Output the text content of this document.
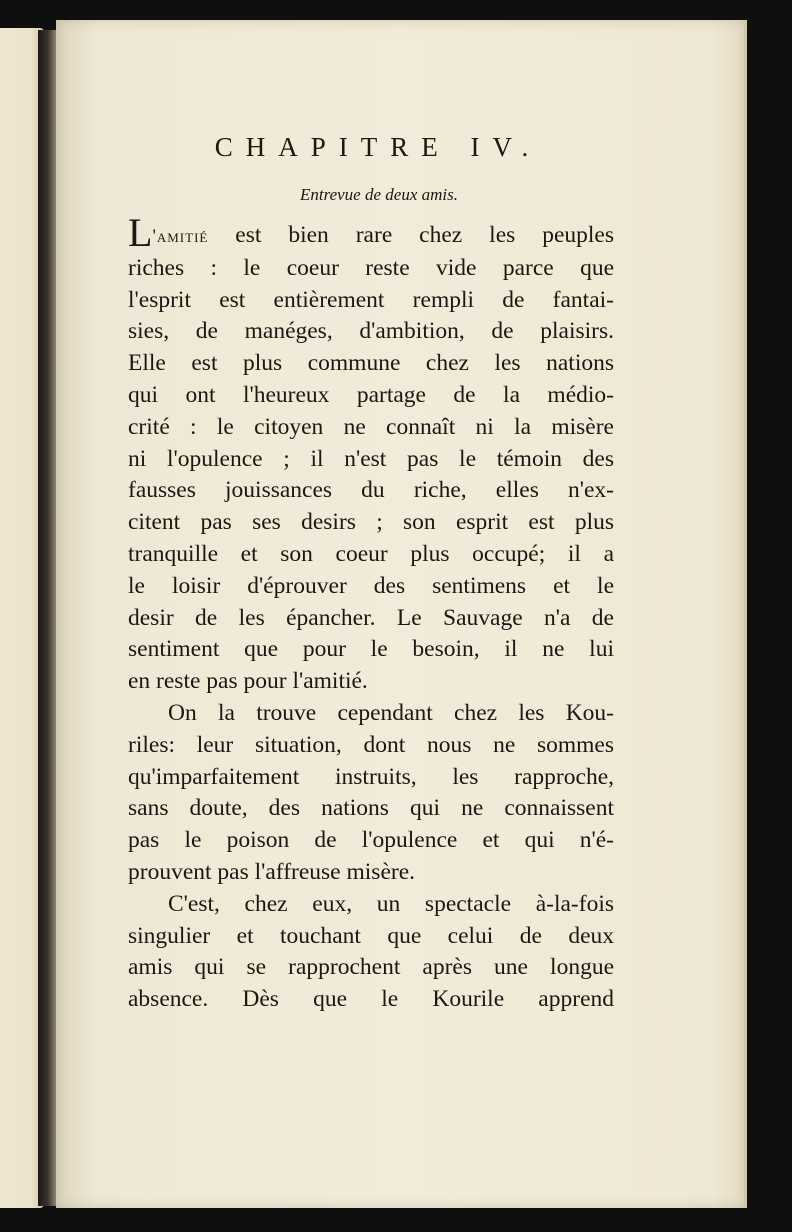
CHAPITRE IV.
Entrevue de deux amis.
L'amitié est bien rare chez les peuples
riches : le coeur reste vide parce que
l'esprit est entièrement rempli de fantai-
sies, de manéges, d'ambition, de plaisirs.
Elle est plus commune chez les nations
qui ont l'heureux partage de la médio-
crité : le citoyen ne connaît ni la misère
ni l'opulence ; il n'est pas le témoin des
fausses jouissances du riche, elles n'ex-
citent pas ses desirs ; son esprit est plus
tranquille et son coeur plus occupé; il a
le loisir d'éprouver des sentimens et le
desir de les épancher. Le Sauvage n'a de
sentiment que pour le besoin, il ne lui
en reste pas pour l'amitié.
On la trouve cependant chez les Kou-
riles: leur situation, dont nous ne sommes
qu'imparfaitement instruits, les rapproche,
sans doute, des nations qui ne connaissent
pas le poison de l'opulence et qui n'é-
prouvent pas l'affreuse misère.
C'est, chez eux, un spectacle à-la-fois
singulier et touchant que celui de deux
amis qui se rapprochent après une longue
absence. Dès que le Kourile apprend
